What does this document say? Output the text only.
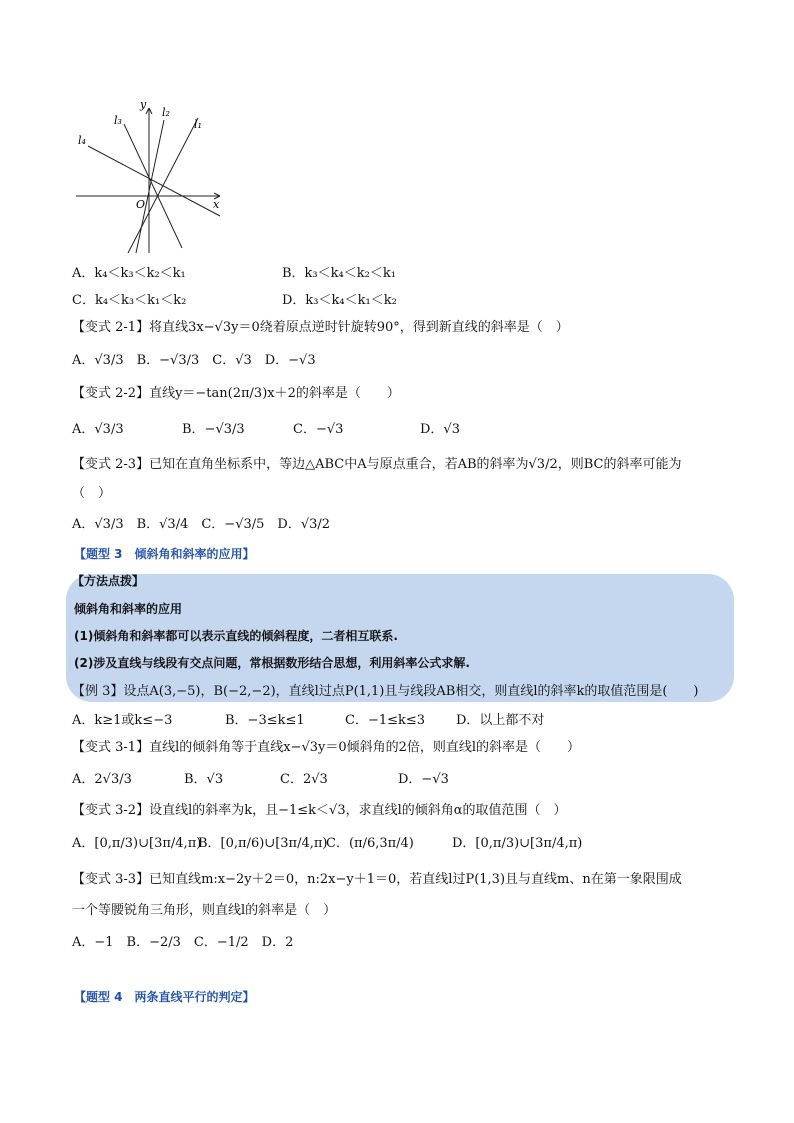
y
x
O
l₁
l₂
l₃
l₄
A．k₄＜k₃＜k₂＜k₁	B．k₃＜k₄＜k₂＜k₁
C．k₄＜k₃＜k₁＜k₂	D．k₃＜k₄＜k₁＜k₂
【变式 2-1】将直线3x−√3y＝0绕着原点逆时针旋转90°，得到新直线的斜率是（　）
A．√3/3　B．−√3/3　C．√3　D．−√3
【变式 2-2】直线y＝−tan(2π/3)x＋2的斜率是（　　）
A．√3/3	B．−√3/3	C．−√3	D．√3
【变式 2-3】已知在直角坐标系中，等边△ABC中A与原点重合，若AB的斜率为√3/2，则BC的斜率可能为
（　）
A．√3/3　B．√3/4　C．−√3/5　D．√3/2
【题型 3　倾斜角和斜率的应用】
【方法点拨】
倾斜角和斜率的应用
(1)倾斜角和斜率都可以表示直线的倾斜程度，二者相互联系.
(2)涉及直线与线段有交点问题，常根据数形结合思想，利用斜率公式求解.
【例 3】设点A(3,−5)，B(−2,−2)，直线l过点P(1,1)且与线段AB相交，则直线l的斜率k的取值范围是(　　)
A．k≥1或k≤−3	B．−3≤k≤1	C．−1≤k≤3 D．以上都不对
【变式 3-1】直线l的倾斜角等于直线x−√3y＝0倾斜角的2倍，则直线l的斜率是（　　）
A．2√3/3	B．√3	C．2√3	D．−√3
【变式 3-2】设直线l的斜率为k，且−1≤k＜√3，求直线l的倾斜角α的取值范围（　）
A．[0,π/3)∪[3π/4,π)
B．[0,π/6)∪[3π/4,π)
C．(π/6,3π/4)	D．[0,π/3)∪[3π/4,π)
【变式 3-3】已知直线m:x−2y＋2＝0，n:2x−y＋1＝0，若直线l过P(1,3)且与直线m、n在第一象限围成
一个等腰锐角三角形，则直线l的斜率是（　）
A．−1　B．−2/3　C．−1/2　D．2
【题型 4　两条直线平行的判定】
